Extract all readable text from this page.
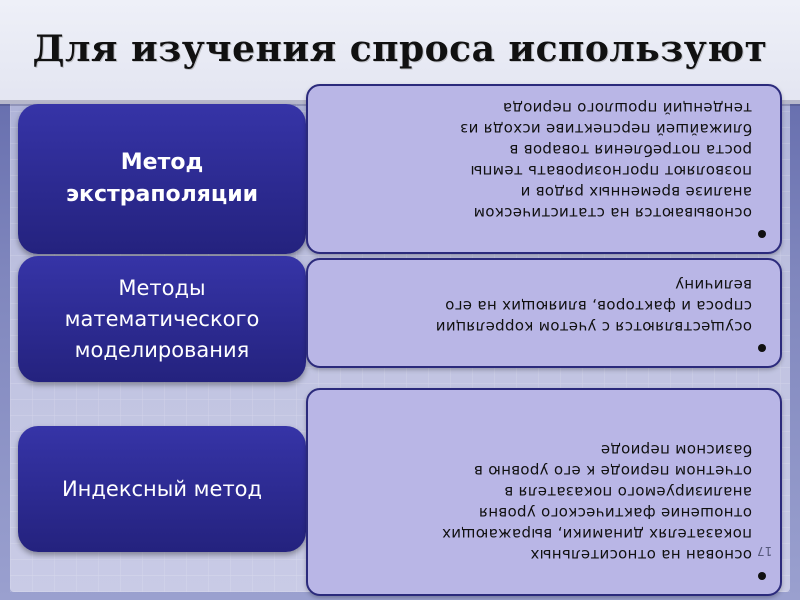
Для изучения спроса используют
Метод
экстраполяции

основываются на статистическом
анализе временных рядов и
позволяют прогнозировать темпы
роста потребления товаров в
ближайшей перспективе исходя из
тенденций прошлого периода

Методы
математического
моделирования

осуществляются с учетом корреляции
спроса и факторов, влияющих на его
величину

Индексный метод

основан на относительных
показателях динамики, выражающих
отношение фактического уровня
анализируемого показателя в
отчетном периоде к его уровню в
базисном периоде

17
